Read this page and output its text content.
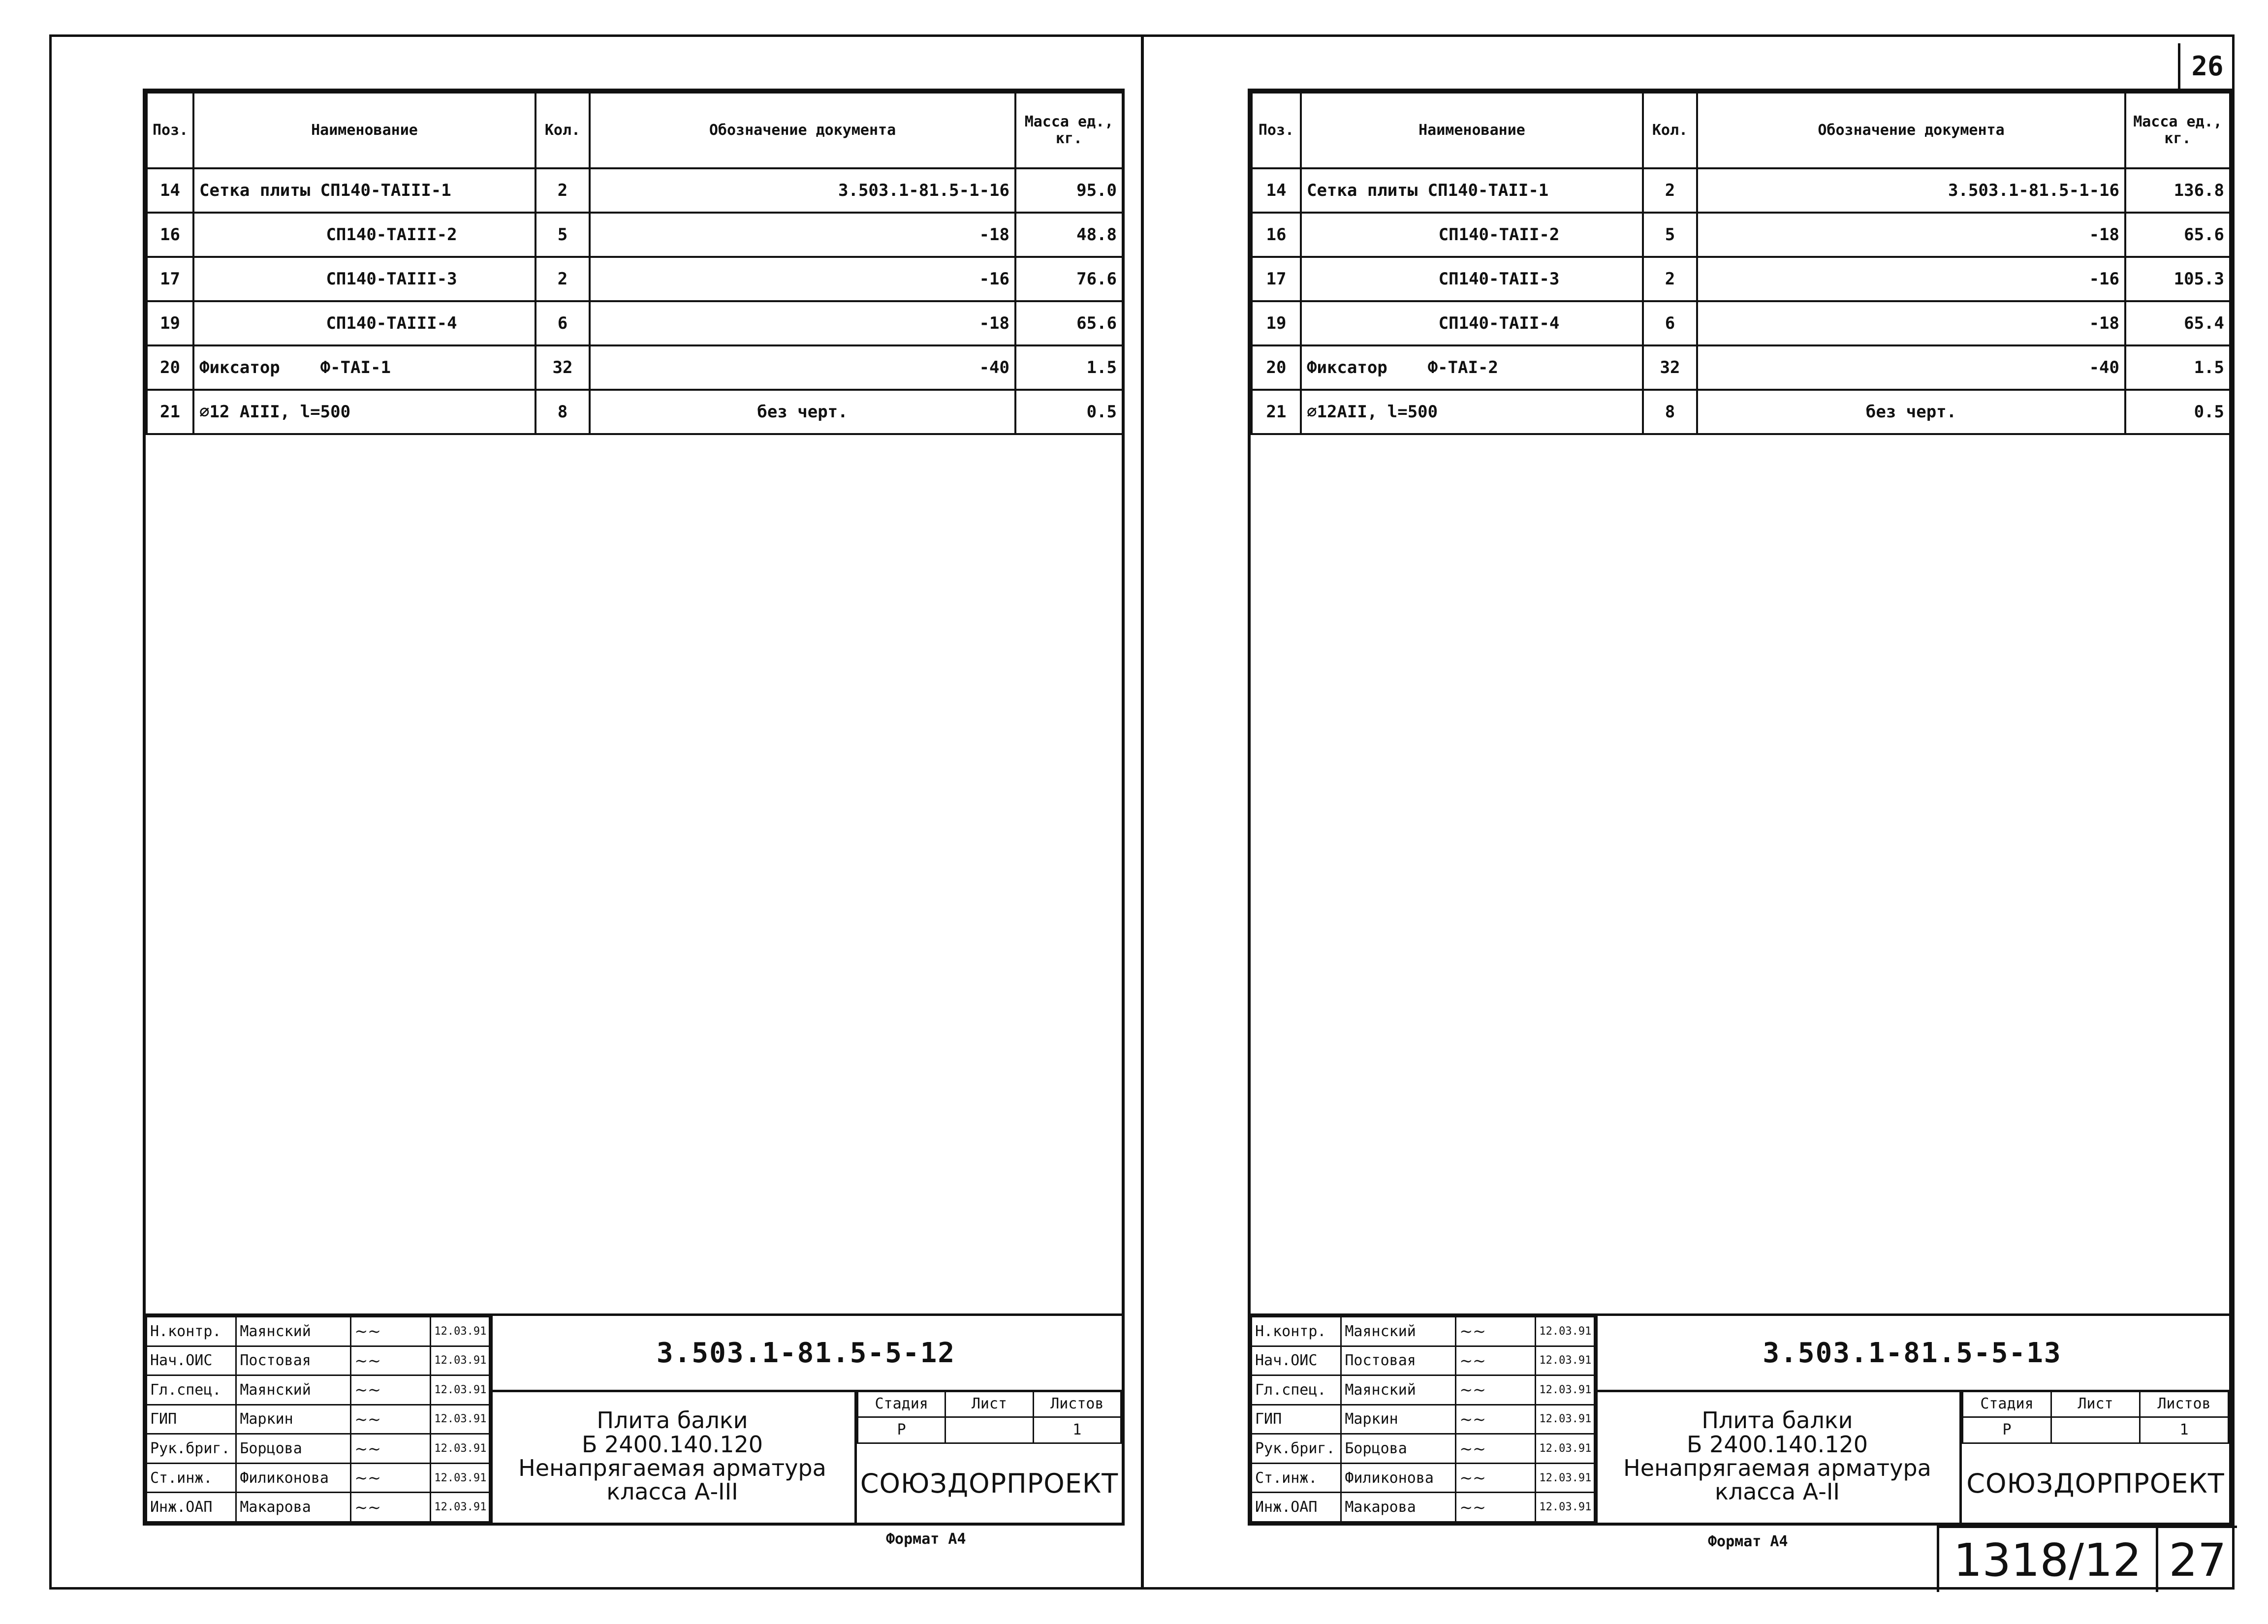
26
Поз.	Наименование	Кол.	Обозначение документа	Масса ед., кг.
14	Сетка плиты СП140-ТАIII-1	2	3.503.1-81.5-1-16	95.0
16	СП140-ТАIII-2	5	-18	48.8
17	СП140-ТАIII-3	2	-16	76.6
19	СП140-ТАIII-4	6	-18	65.6
20	Фиксатор    Ф-ТАI-1	32	-40	1.5
21	∅12 АIII, l=500	8	без черт.	0.5
Н.контр.	Маянский	~~	12.03.91
Нач.ОИС	Постовая	~~	12.03.91
Гл.спец.	Маянский	~~	12.03.91
ГИП	Маркин	~~	12.03.91
Рук.бриг.	Борцова	~~	12.03.91
Ст.инж.	Филиконова	~~	12.03.91
Инж.ОАП	Макарова	~~	12.03.91
3.503.1-81.5-5-12
Плита балки
Б 2400.140.120
Ненапрягаемая арматура
класса А-III
Стадия	Лист	Листов
Р		1
СОЮЗДОРПРОЕКТ
Формат А4
Поз.	Наименование	Кол.	Обозначение документа	Масса ед., кг.
14	Сетка плиты СП140-ТАII-1	2	3.503.1-81.5-1-16	136.8
16	СП140-ТАII-2	5	-18	65.6
17	СП140-ТАII-3	2	-16	105.3
19	СП140-ТАII-4	6	-18	65.4
20	Фиксатор    Ф-ТАI-2	32	-40	1.5
21	∅12АII, l=500	8	без черт.	0.5
Н.контр.	Маянский	~~	12.03.91
Нач.ОИС	Постовая	~~	12.03.91
Гл.спец.	Маянский	~~	12.03.91
ГИП	Маркин	~~	12.03.91
Рук.бриг.	Борцова	~~	12.03.91
Ст.инж.	Филиконова	~~	12.03.91
Инж.ОАП	Макарова	~~	12.03.91
3.503.1-81.5-5-13
Плита балки
Б 2400.140.120
Ненапрягаемая арматура
класса А-II
Стадия	Лист	Листов
Р		1
СОЮЗДОРПРОЕКТ
Формат А4	1318/12 27
